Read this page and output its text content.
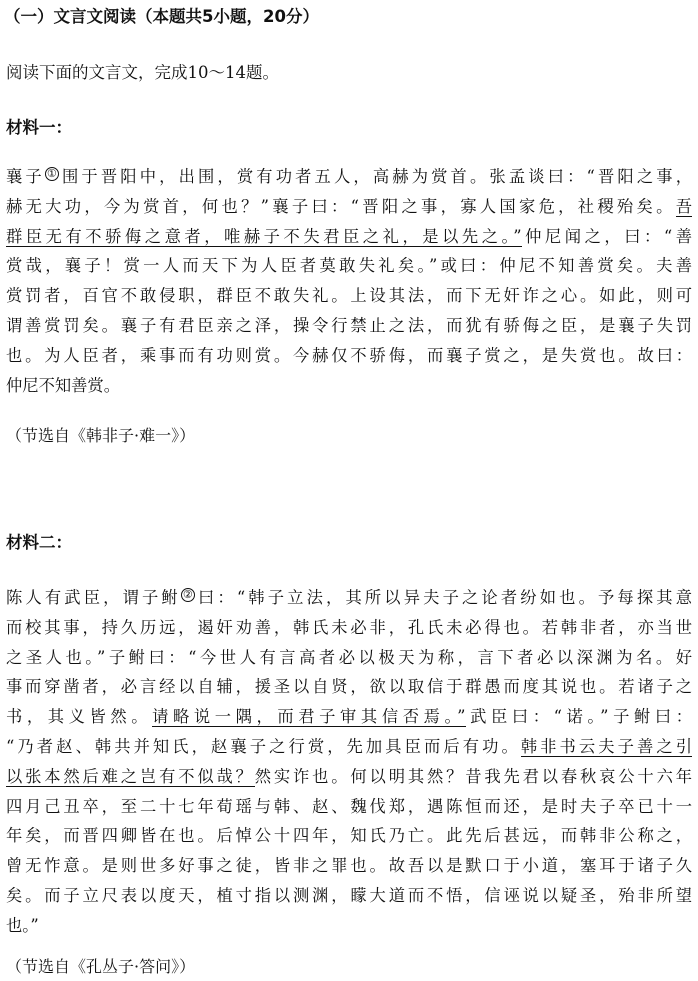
（一）文言文阅读（本题共5小题，20分）
阅读下面的文言文，完成10～14题。
材料一：
襄子 ① 围于晋阳中，出围，赏有功者五人，高赫为赏首。张孟谈曰：“晋阳之事，
赫无大功，今为赏首，何也？”襄子曰：“晋阳之事，寡人国家危，社稷殆矣。吾
群臣无有不骄侮之意者，唯赫子不失君臣之礼，是以先之。”仲尼闻之，曰：“善
赏哉，襄子！赏一人而天下为人臣者莫敢失礼矣。”或曰：仲尼不知善赏矣。夫善
赏罚者，百官不敢侵职，群臣不敢失礼。上设其法，而下无奸诈之心。如此，则可
谓善赏罚矣。襄子有君臣亲之泽，操令行禁止之法，而犹有骄侮之臣，是襄子失罚
也。为人臣者，乘事而有功则赏。今赫仅不骄侮，而襄子赏之，是失赏也。故曰：
仲尼不知善赏。
（节选自《韩非子·难一》）
材料二：
陈人有武臣，谓子鲋 ② 曰：“韩子立法，其所以异夫子之论者纷如也。予每探其意
而校其事，持久历远，遏奸劝善，韩氏未必非，孔氏未必得也。若韩非者，亦当世
之圣人也。”子鲋曰：“今世人有言高者必以极天为称，言下者必以深渊为名。好
事而穿凿者，必言经以自辅，援圣以自贤，欲以取信于群愚而度其说也。若诸子之
书，其义皆然。请略说一隅，而君子审其信否焉。”武臣曰：“诺。”子鲋曰：
“乃者赵、韩共并知氏，赵襄子之行赏，先加具臣而后有功。韩非书云夫子善之引
以张本然后难之岂有不似哉？然实诈也。何以明其然？昔我先君以春秋哀公十六年
四月己丑卒，至二十七年荀瑶与韩、赵、魏伐郑，遇陈恒而还，是时夫子卒已十一
年矣，而晋四卿皆在也。后悼公十四年，知氏乃亡。此先后甚远，而韩非公称之，
曾无怍意。是则世多好事之徒，皆非之罪也。故吾以是默口于小道，塞耳于诸子久
矣。而子立尺表以度天，植寸指以测渊，矇大道而不悟，信诬说以疑圣，殆非所望
也。”
（节选自《孔丛子·答问》）
